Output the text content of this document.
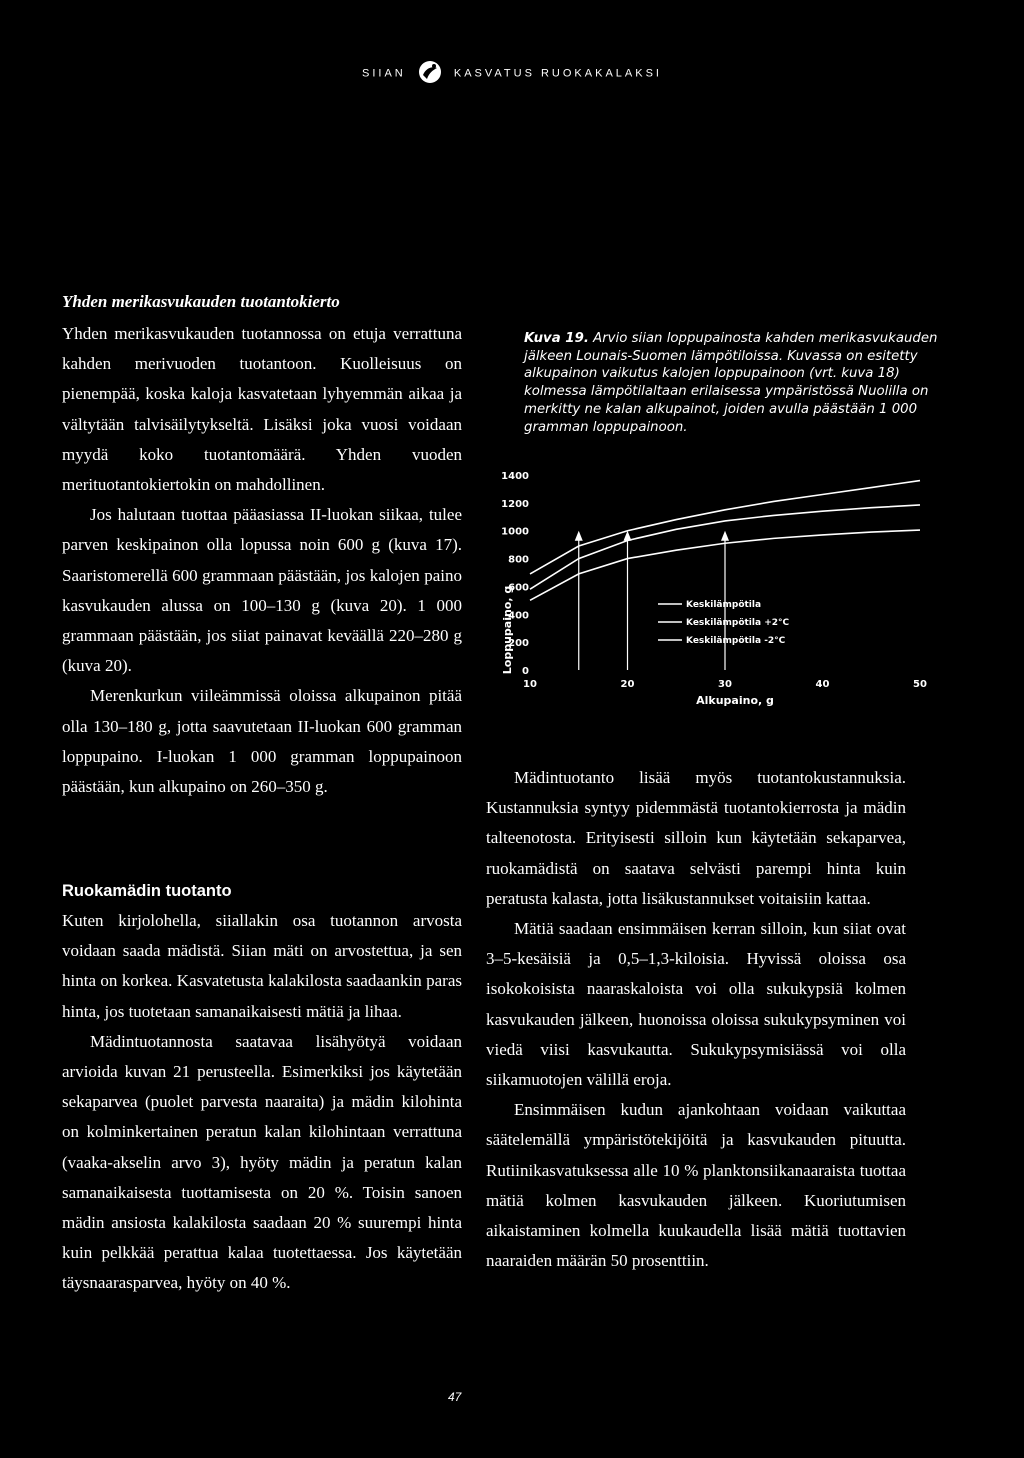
SIIAN	KASVATUS RUOKAKALAKSI
Yhden merikasvukauden tuotantokierto
Yhden merikasvukauden tuotannossa on etuja verrattuna kahden merivuoden tuotantoon. Kuolleisuus on pienempää, koska kaloja kasvatetaan lyhyemmän aikaa ja vältytään talvisäilytykseltä. Lisäksi joka vuosi voidaan myydä koko tuotantomäärä. Yhden vuoden merituotantokiertokin on mahdollinen.
Jos halutaan tuottaa pääasiassa II-luokan siikaa, tulee parven keskipainon olla lopussa noin 600 g (kuva 17). Saaristomerellä 600 grammaan päästään, jos kalojen paino kasvukauden alussa on 100–130 g (kuva 20). 1 000 grammaan päästään, jos siiat painavat keväällä 220–280 g (kuva 20).
Merenkurkun viileämmissä oloissa alkupainon pitää olla 130–180 g, jotta saavutetaan II-luokan 600 gramman loppupaino. I-luokan 1 000 gramman loppupainoon päästään, kun alkupaino on 260–350 g.
Ruokamädin tuotanto
Kuten kirjolohella, siiallakin osa tuotannon arvosta voidaan saada mädistä. Siian mäti on arvostettua, ja sen hinta on korkea. Kasvatetusta kalakilosta saadaankin paras hinta, jos tuotetaan samanaikaisesti mätiä ja lihaa.
Mädintuotannosta saatavaa lisähyötyä voidaan arvioida kuvan 21 perusteella. Esimerkiksi jos käytetään sekaparvea (puolet parvesta naaraita) ja mädin kilohinta on kolminkertainen peratun kalan kilohintaan verrattuna (vaaka-akselin arvo 3), hyöty mädin ja peratun kalan samanaikaisesta tuottamisesta on 20 %. Toisin sanoen mädin ansiosta kalakilosta saadaan 20 % suurempi hinta kuin pelkkää perattua kalaa tuotettaessa. Jos käytetään täysnaarasparvea, hyöty on 40 %.
Kuva 19. Arvio siian loppupainosta kahden merikasvukauden jälkeen Lounais-Suomen lämpötiloissa. Kuvassa on esitetty alkupainon vaikutus kalojen loppupainoon (vrt. kuva 18) kolmessa lämpötilaltaan erilaisessa ympäristössä Nuolilla on merkitty ne kalan alkupainot, joiden avulla päästään 1 000 gramman loppupainoon.
0
200
400
600
800
1000
1200
1400
10	20	30	40	50
Loppupaino, g
Alkupaino, g
Keskilämpötila
Keskilämpötila +2°C
Keskilämpötila -2°C
Mädintuotanto lisää myös tuotantokustannuksia. Kustannuksia syntyy pidemmästä tuotantokierrosta ja mädin talteenotosta. Erityisesti silloin kun käytetään sekaparvea, ruokamädistä on saatava selvästi parempi hinta kuin peratusta kalasta, jotta lisäkustannukset voitaisiin kattaa.
Mätiä saadaan ensimmäisen kerran silloin, kun siiat ovat 3–5-kesäisiä ja 0,5–1,3-kiloisia. Hyvissä oloissa osa isokokoisista naaraskaloista voi olla sukukypsiä kolmen kasvukauden jälkeen, huonoissa oloissa sukukypsyminen voi viedä viisi kasvukautta. Sukukypsymisiässä voi olla siikamuotojen välillä eroja.
Ensimmäisen kudun ajankohtaan voidaan vaikuttaa säätelemällä ympäristötekijöitä ja kasvukauden pituutta. Rutiinikasvatuksessa alle 10 % planktonsiikanaaraista tuottaa mätiä kolmen kasvukauden jälkeen. Kuoriutumisen aikaistaminen kolmella kuukaudella lisää mätiä tuottavien naaraiden määrän 50 prosenttiin.
47
